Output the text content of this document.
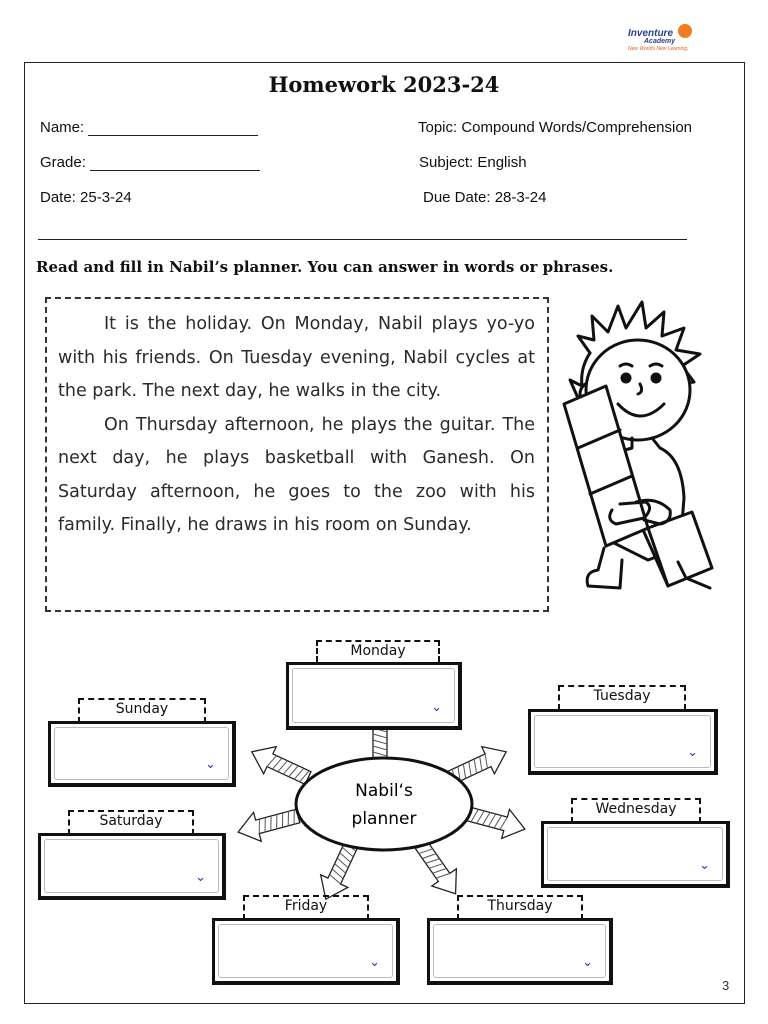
Inventure
Academy
New Worlds New Learning.
Homework 2023-24
Name:
Grade:
Date: 25-3-24
Topic: Compound Words/Comprehension
Subject: English
Due Date: 28-3-24
Read and fill in Nabil’s planner. You can answer in words or phrases.

It is the holiday. On Monday, Nabil plays yo-yo with his friends. On Tuesday evening, Nabil cycles at the park. The next day, he walks in the city.

On Thursday afternoon, he plays the guitar. The next day, he plays basketball with Ganesh. On Saturday afternoon, he goes to the zoo with his family. Finally, he draws in his room on Sunday.

Nabil‘s
planner
Monday
⌄
Tuesday
⌄
Wednesday
⌄
Thursday
⌄
Friday
⌄
Saturday
⌄
Sunday
⌄
3
